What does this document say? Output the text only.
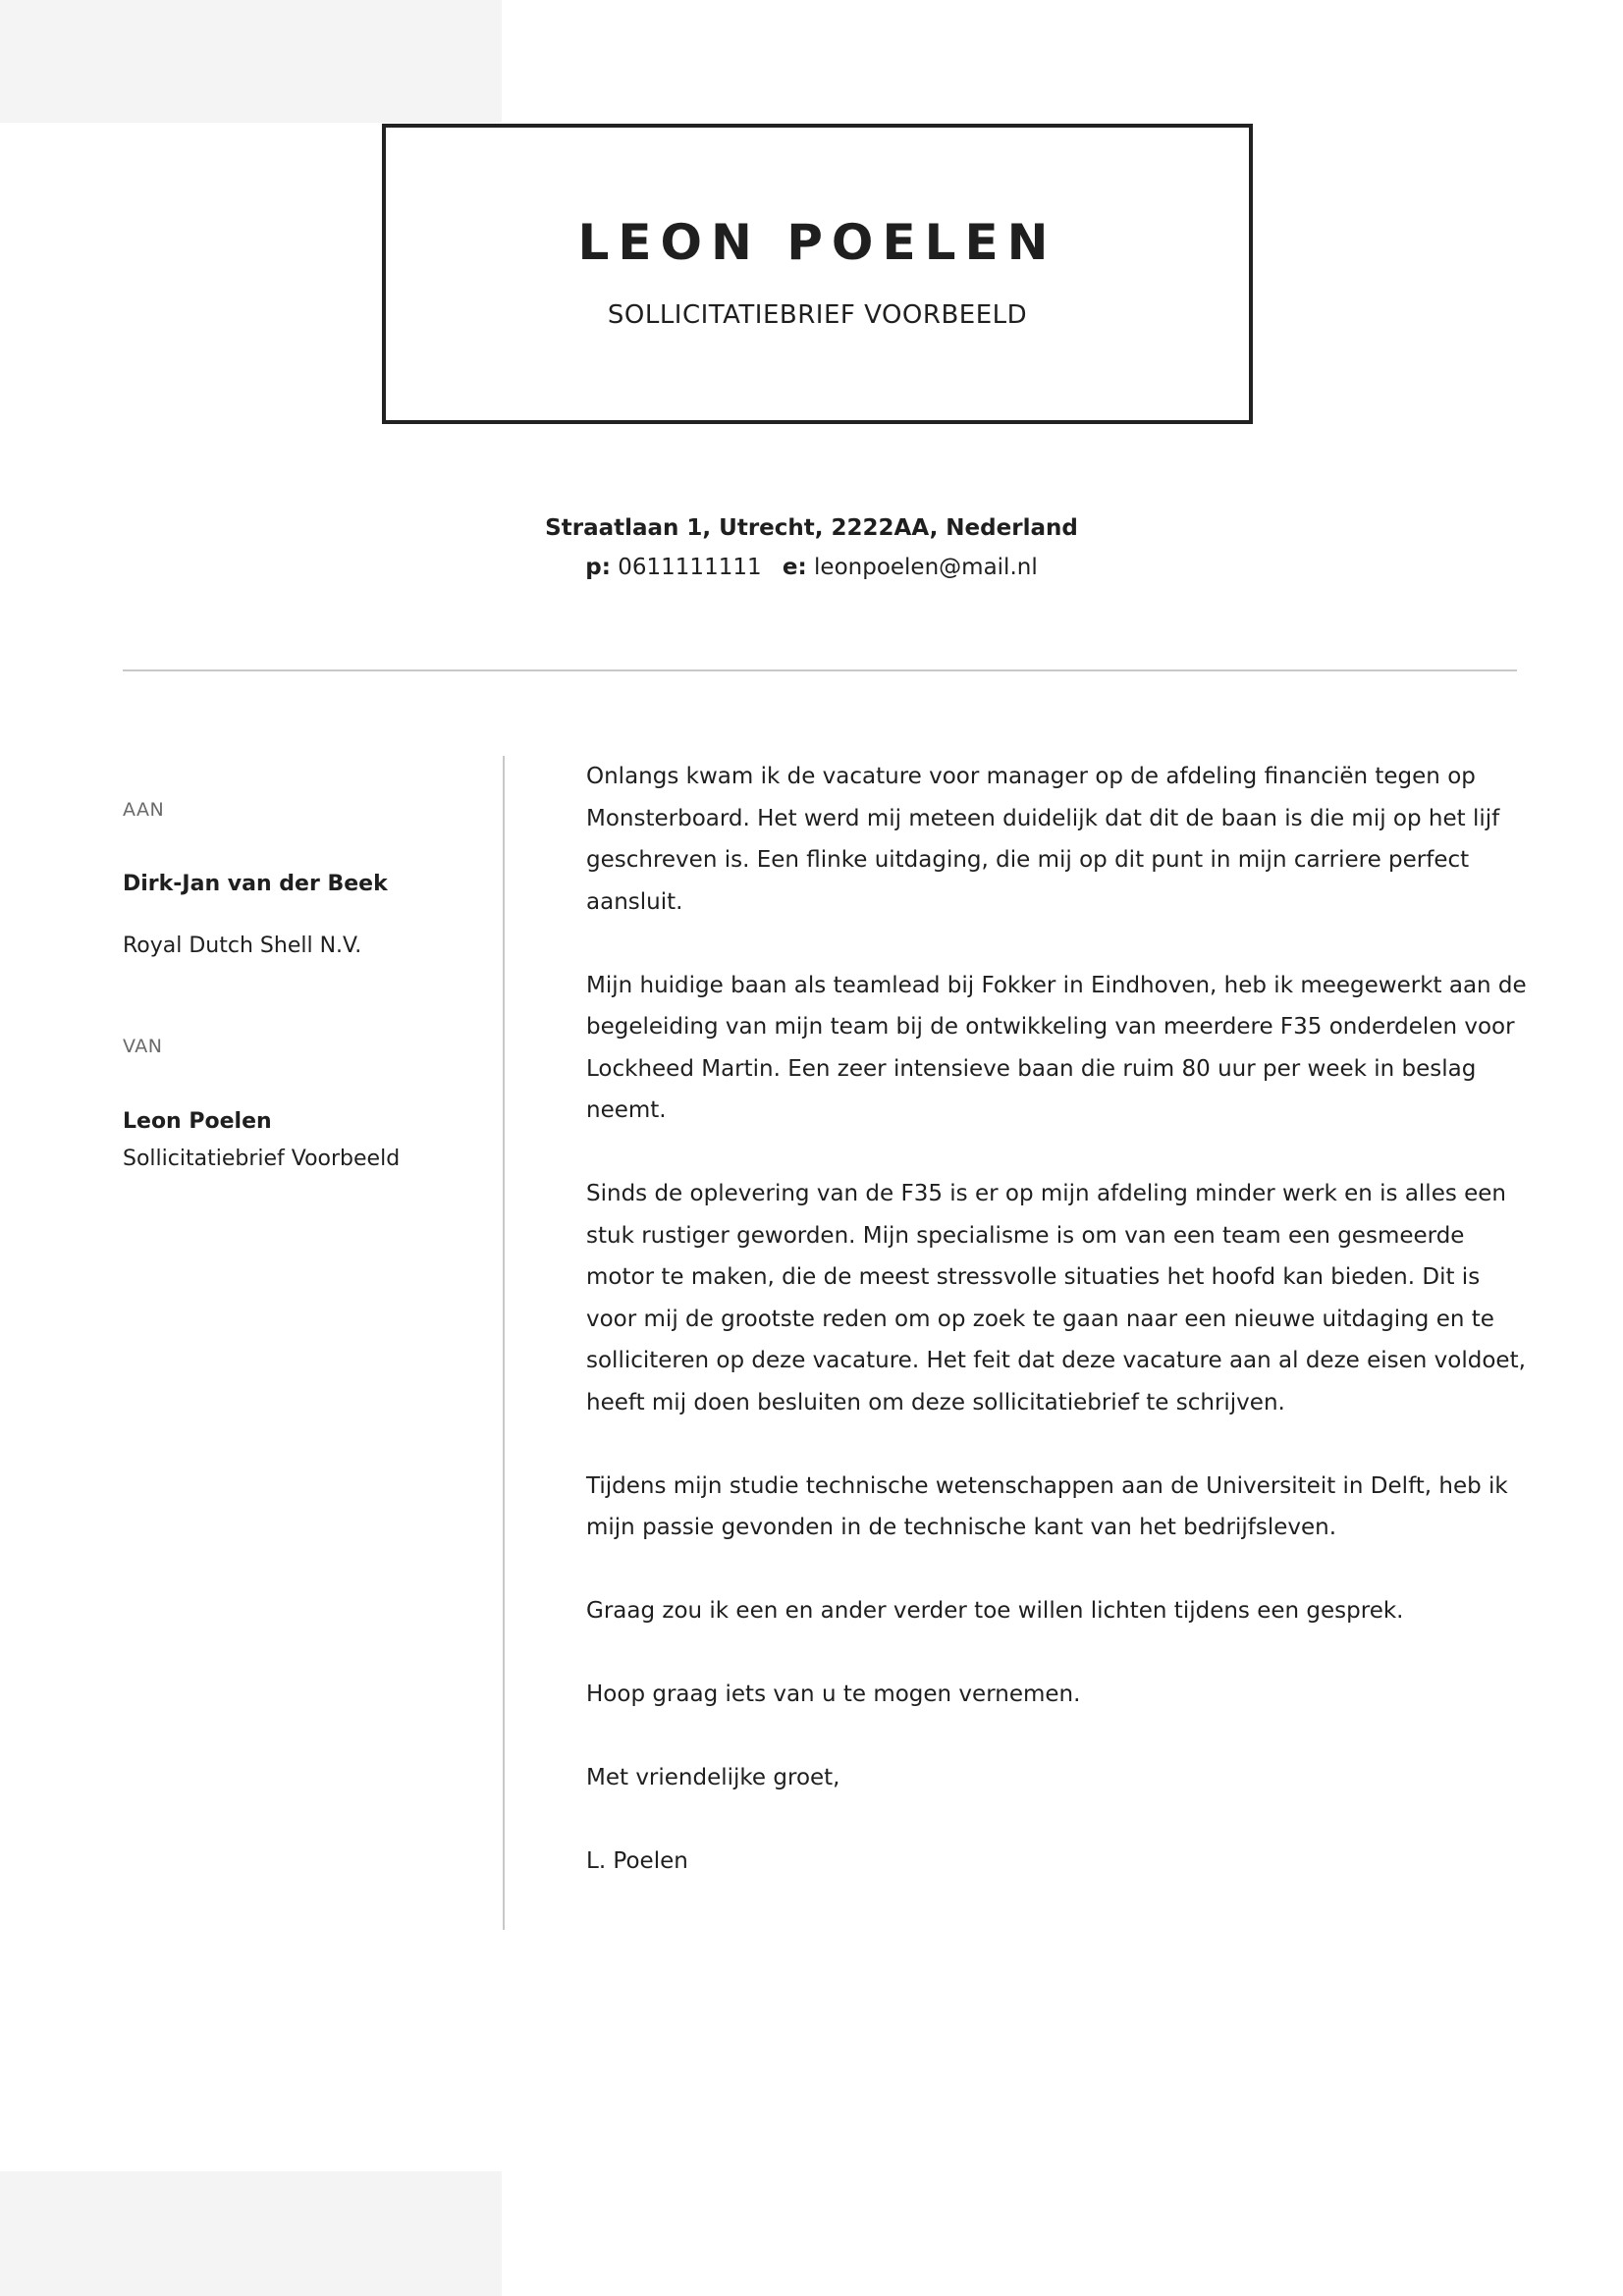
LEON POELEN
SOLLICITATIEBRIEF VOORBEELD
Straatlaan 1, Utrecht, 2222AA, Nederland
p: 0611111111 e: leonpoelen@mail.nl
AAN
Dirk-Jan van der Beek
Royal Dutch Shell N.V.
VAN
Leon Poelen
Sollicitatiebrief Voorbeeld

Onlangs kwam ik de vacature voor manager op de afdeling financiën tegen op Monsterboard. Het werd mij meteen duidelijk dat dit de baan is die mij op het lijf geschreven is. Een flinke uitdaging, die mij op dit punt in mijn carriere perfect aansluit.

Mijn huidige baan als teamlead bij Fokker in Eindhoven, heb ik meegewerkt aan de begeleiding van mijn team bij de ontwikkeling van meerdere F35 onderdelen voor Lockheed Martin. Een zeer intensieve baan die ruim 80 uur per week in beslag neemt.

Sinds de oplevering van de F35 is er op mijn afdeling minder werk en is alles een stuk rustiger geworden. Mijn specialisme is om van een team een gesmeerde motor te maken, die de meest stressvolle situaties het hoofd kan bieden. Dit is voor mij de grootste reden om op zoek te gaan naar een nieuwe uitdaging en te solliciteren op deze vacature. Het feit dat deze vacature aan al deze eisen voldoet, heeft mij doen besluiten om deze sollicitatiebrief te schrijven.

Tijdens mijn studie technische wetenschappen aan de Universiteit in Delft, heb ik mijn passie gevonden in de technische kant van het bedrijfsleven.

Graag zou ik een en ander verder toe willen lichten tijdens een gesprek.

Hoop graag iets van u te mogen vernemen.

Met vriendelijke groet,

L. Poelen
